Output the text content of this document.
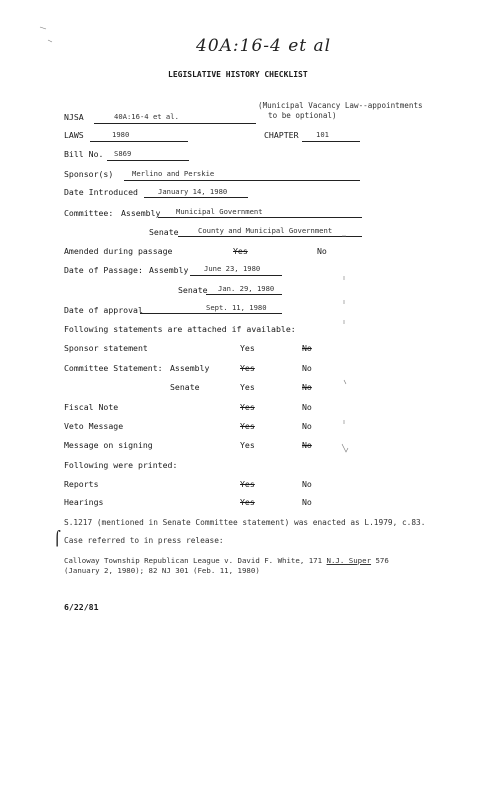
40A:16-4 et al
LEGISLATIVE HISTORY CHECKLIST
NJSA	40A:16-4 et al.
(Municipal Vacancy Law--appointments
to be optional)
LAWS	1980	CHAPTER 101
Bill No. S869
Sponsor(s)	Merlino and Perskie
Date Introduced	January 14, 1980
Committee: Assembly Municipal Government
Senate	County and Municipal Government
Amended during passage	Yes	No
Date of Passage: Assembly June 23, 1980
Senate Jan. 29, 1980
Date of approval	Sept. 11, 1980
Following statements are attached if available:
Sponsor statement	Yes	No
Committee Statement: Assembly	Yes	No
Senate	Yes	No
Fiscal Note	Yes	No
Veto Message	Yes	No
Message on signing	Yes	No
Following were printed:
Reports	Yes	No
Hearings	Yes	No
S.1217 (mentioned in Senate Committee statement) was enacted as L.1979, c.83.
⌠ Case referred to in press release:
Calloway Township Republican League v. David F. White, 171 N.J. Super 576
(January 2, 1980); 82 NJ 301 (Feb. 11, 1980)
6/22/81
